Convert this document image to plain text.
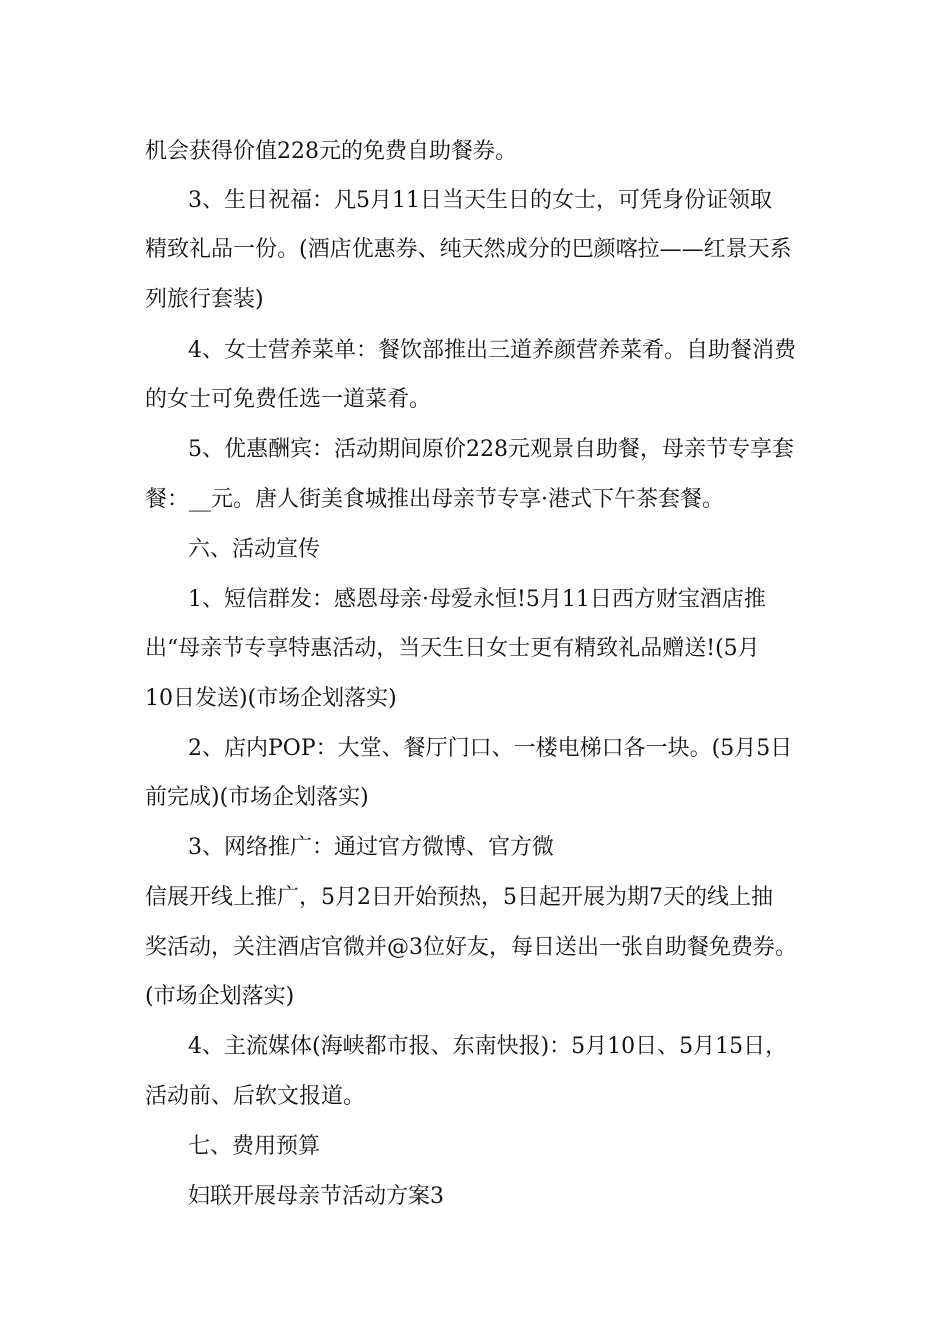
机会获得价值228元的免费自助餐券。
3、生日祝福：凡5月11日当天生日的女士，可凭身份证领取
精致礼品一份。(酒店优惠券、纯天然成分的巴颜喀拉——红景天系
列旅行套装)
4、女士营养菜单：餐饮部推出三道养颜营养菜肴。自助餐消费
的女士可免费任选一道菜肴。
5、优惠酬宾：活动期间原价228元观景自助餐，母亲节专享套
餐：__元。唐人街美食城推出母亲节专享·港式下午茶套餐。
六、活动宣传
1、短信群发：感恩母亲·母爱永恒!5月11日西方财宝酒店推
出“母亲节专享特惠活动，当天生日女士更有精致礼品赠送!(5月
10日发送)(市场企划落实)
2、店内POP：大堂、餐厅门口、一楼电梯口各一块。(5月5日
前完成)(市场企划落实)
3、网络推广：通过官方微博、官方微
信展开线上推广，5月2日开始预热，5日起开展为期7天的线上抽
奖活动，关注酒店官微并@3位好友，每日送出一张自助餐免费券。
(市场企划落实)
4、主流媒体(海峡都市报、东南快报)：5月10日、5月15日，
活动前、后软文报道。
七、费用预算
妇联开展母亲节活动方案3
